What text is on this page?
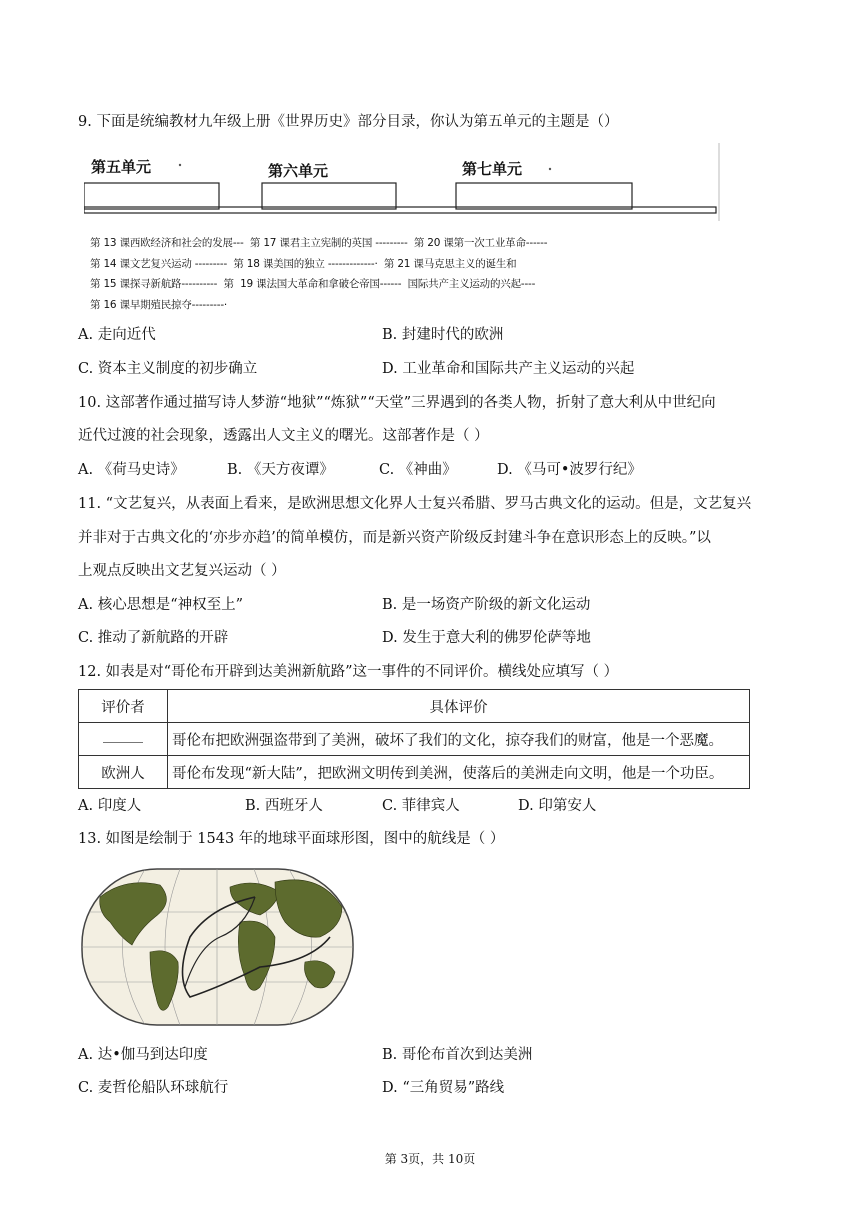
9. 下面是统编教材九年级上册《世界历史》部分目录，你认为第五单元的主题是（）
第五单元	第六单元	第七单元
第 13 课西欧经济和社会的发展---  第 17 课君主立宪制的英国 ---------  第 20 课第一次工业革命------
第 14 课文艺复兴运动 ---------  第 18 课美国的独立 -------------·  第 21 课马克思主义的诞生和
第 15 课探寻新航路----------  第  19 课法国大革命和拿破仑帝国------  国际共产主义运动的兴起----
第 16 课早期殖民掠夺---------·
A. 走向近代	B. 封建时代的欧洲
C. 资本主义制度的初步确立	D. 工业革命和国际共产主义运动的兴起
10. 这部著作通过描写诗人梦游“地狱”“炼狱”“天堂”三界遇到的各类人物，折射了意大利从中世纪向
近代过渡的社会现象，透露出人文主义的曙光。这部著作是（ ）
A. 《荷马史诗》	B. 《天方夜谭》	C. 《神曲》	D. 《马可•波罗行纪》
11. “文艺复兴，从表面上看来，是欧洲思想文化界人士复兴希腊、罗马古典文化的运动。但是，文艺复兴
并非对于古典文化的‘亦步亦趋’的简单模仿，而是新兴资产阶级反封建斗争在意识形态上的反映。”以
上观点反映出文艺复兴运动（ ）
A. 核心思想是“神权至上”	B. 是一场资产阶级的新文化运动
C. 推动了新航路的开辟	D. 发生于意大利的佛罗伦萨等地
12. 如表是对“哥伦布开辟到达美洲新航路”这一事件的不同评价。横线处应填写（ ）
评价者	具体评价
	哥伦布把欧洲强盗带到了美洲，破坏了我们的文化，掠夺我们的财富，他是一个恶魔。
欧洲人	哥伦布发现“新大陆”，把欧洲文明传到美洲，使落后的美洲走向文明，他是一个功臣。
A. 印度人	B. 西班牙人	C. 菲律宾人	D. 印第安人
13. 如图是绘制于 1543 年的地球平面球形图，图中的航线是（ ）
A. 达•伽马到达印度	B. 哥伦布首次到达美洲
C. 麦哲伦船队环球航行	D. “三角贸易”路线
第 3页，共 10页
